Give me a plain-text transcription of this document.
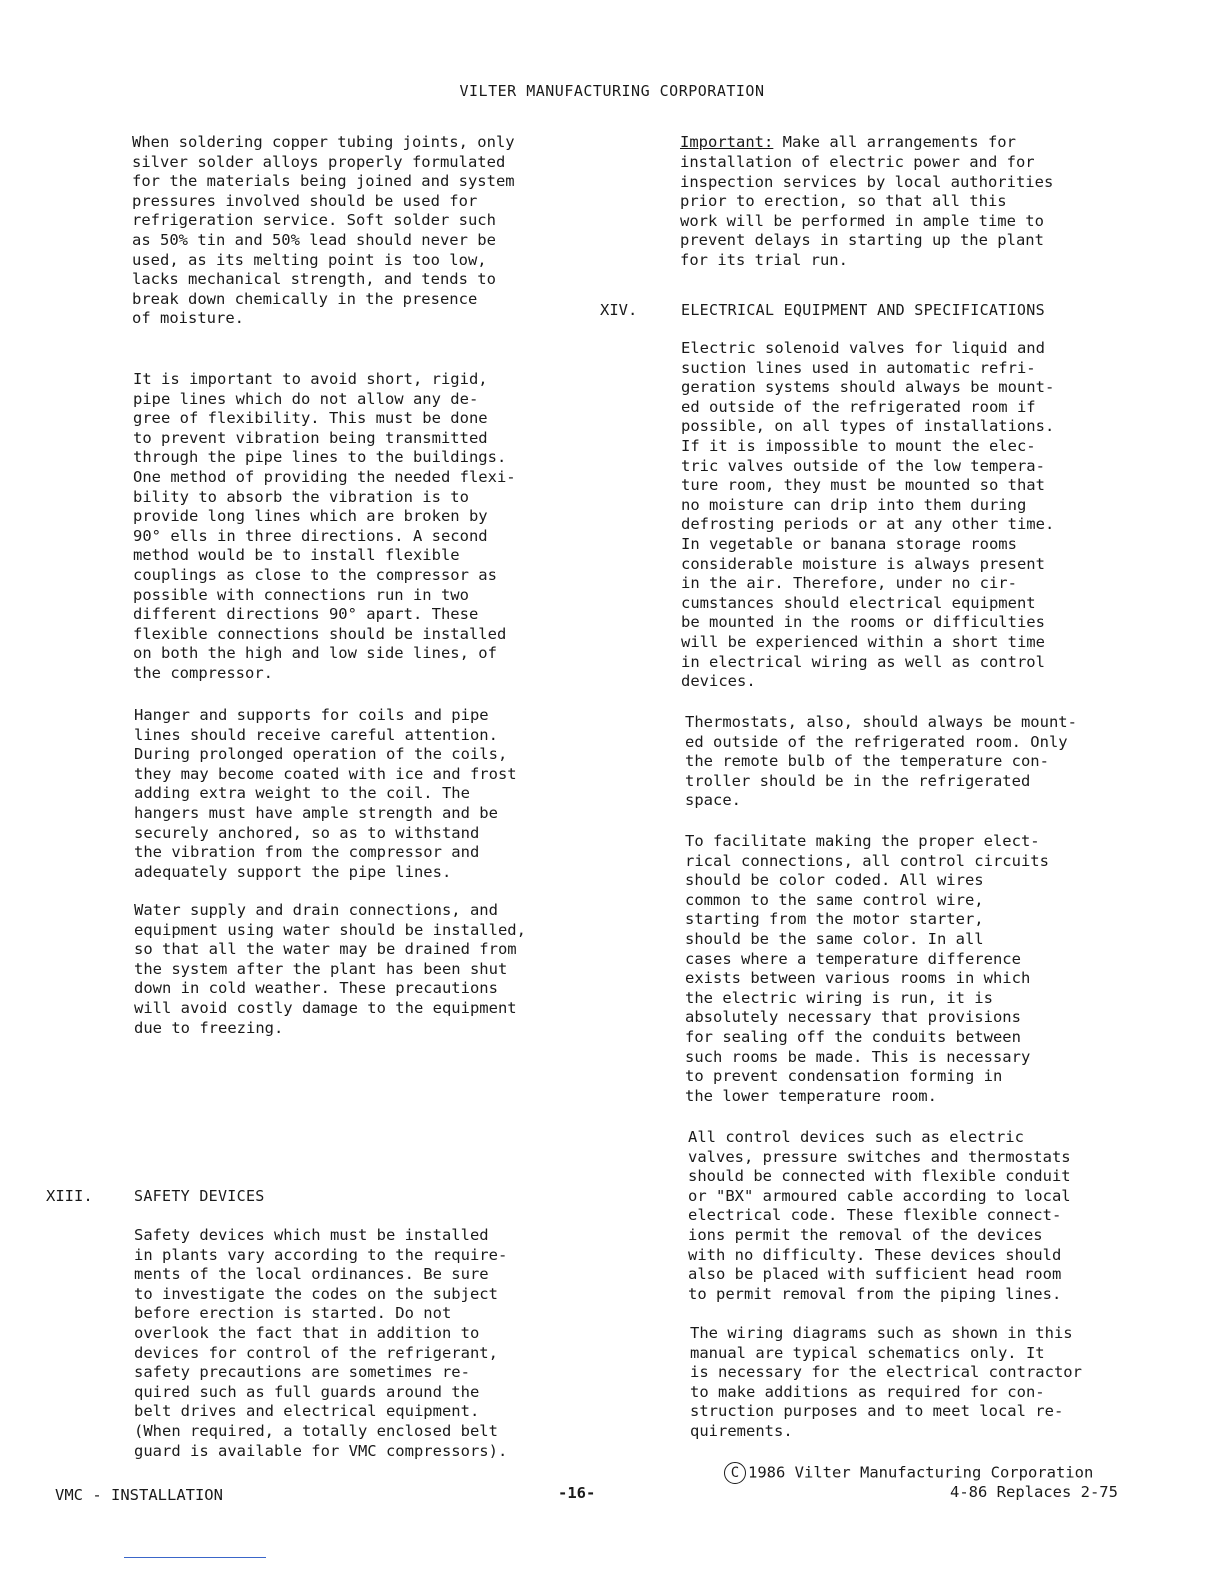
VILTER MANUFACTURING CORPORATION

When soldering copper tubing joints, only
silver solder alloys properly formulated
for the materials being joined and system
pressures involved should be used for
refrigeration service. Soft solder such
as 50% tin and 50% lead should never be
used, as its melting point is too low,
lacks mechanical strength, and tends to
break down chemically in the presence
of moisture.

It is important to avoid short, rigid,
pipe lines which do not allow any de-
gree of flexibility. This must be done
to prevent vibration being transmitted
through the pipe lines to the buildings.
One method of providing the needed flexi-
bility to absorb the vibration is to
provide long lines which are broken by
90° ells in three directions. A second
method would be to install flexible
couplings as close to the compressor as
possible with connections run in two
different directions 90° apart. These
flexible connections should be installed
on both the high and low side lines, of
the compressor.

Hanger and supports for coils and pipe
lines should receive careful attention.
During prolonged operation of the coils,
they may become coated with ice and frost
adding extra weight to the coil. The
hangers must have ample strength and be
securely anchored, so as to withstand
the vibration from the compressor and
adequately support the pipe lines.

Water supply and drain connections, and
equipment using water should be installed,
so that all the water may be drained from
the system after the plant has been shut
down in cold weather. These precautions
will avoid costly damage to the equipment
due to freezing.

XIII.	SAFETY DEVICES

Safety devices which must be installed
in plants vary according to the require-
ments of the local ordinances. Be sure
to investigate the codes on the subject
before erection is started. Do not
overlook the fact that in addition to
devices for control of the refrigerant,
safety precautions are sometimes re-
quired such as full guards around the
belt drives and electrical equipment.
(When required, a totally enclosed belt
guard is available for VMC compressors).

Important: Make all arrangements for

installation of electric power and for
inspection services by local authorities
prior to erection, so that all this
work will be performed in ample time to
prevent delays in starting up the plant
for its trial run.

XIV.	ELECTRICAL EQUIPMENT AND SPECIFICATIONS

Electric solenoid valves for liquid and
suction lines used in automatic refri-
geration systems should always be mount-
ed outside of the refrigerated room if
possible, on all types of installations.
If it is impossible to mount the elec-
tric valves outside of the low tempera-
ture room, they must be mounted so that
no moisture can drip into them during
defrosting periods or at any other time.
In vegetable or banana storage rooms
considerable moisture is always present
in the air. Therefore, under no cir-
cumstances should electrical equipment
be mounted in the rooms or difficulties
will be experienced within a short time
in electrical wiring as well as control
devices.

Thermostats, also, should always be mount-
ed outside of the refrigerated room. Only
the remote bulb of the temperature con-
troller should be in the refrigerated
space.

To facilitate making the proper elect-
rical connections, all control circuits
should be color coded. All wires
common to the same control wire,
starting from the motor starter,
should be the same color. In all
cases where a temperature difference
exists between various rooms in which
the electric wiring is run, it is
absolutely necessary that provisions
for sealing off the conduits between
such rooms be made. This is necessary
to prevent condensation forming in
the lower temperature room.

All control devices such as electric
valves, pressure switches and thermostats
should be connected with flexible conduit
or "BX" armoured cable according to local
electrical code. These flexible connect-
ions permit the removal of the devices
with no difficulty. These devices should
also be placed with sufficient head room
to permit removal from the piping lines.

The wiring diagrams such as shown in this
manual are typical schematics only. It
is necessary for the electrical contractor
to make additions as required for con-
struction purposes and to meet local re-
quirements.

C 1986 Vilter Manufacturing Corporation
4-86 Replaces 2-75
VMC - INSTALLATION	-16-
